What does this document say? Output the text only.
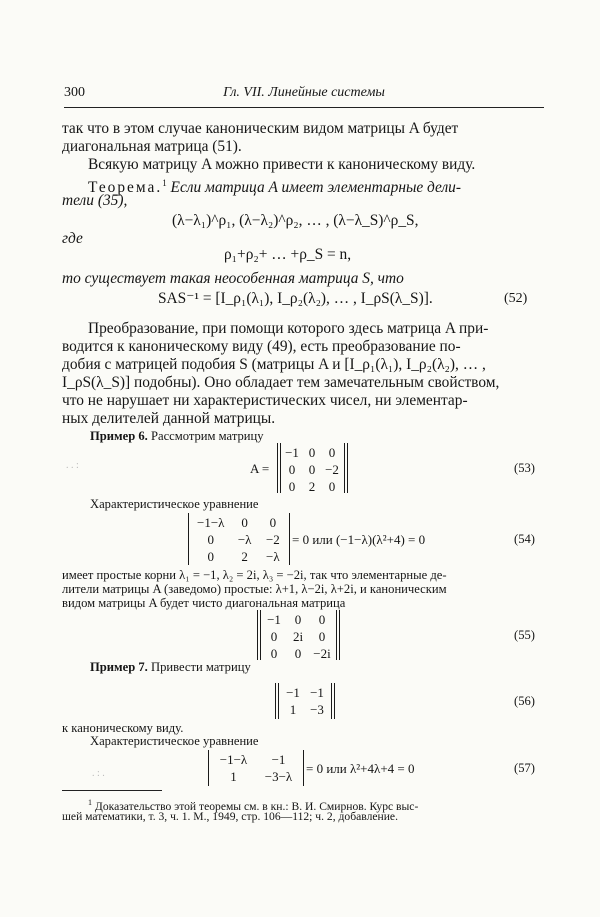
300	Гл. VII. Линейные системы
так что в этом случае каноническим видом матрицы A будет
диагональная матрица (51).
Всякую матрицу A можно привести к каноническому виду.
Теорема.$^1$ Если матрица A имеет элементарные дели-
тели (35),
(λ−λ₁)^ρ₁, (λ−λ₂)^ρ₂, … , (λ−λ_S)^ρ_S,
где
ρ₁+ρ₂+ … +ρ_S = n,
то существует такая неособенная матрица S, что
SAS⁻¹ = [I_ρ₁(λ₁), I_ρ₂(λ₂), … , I_ρS(λ_S)].	(52)
Преобразование, при помощи которого здесь матрица A при-
водится к каноническому виду (49), есть преобразование по-
добия с матрицей подобия S (матрицы A и [I_ρ₁(λ₁), I_ρ₂(λ₂), … ,
I_ρS(λ_S)] подобны). Оно обладает тем замечательным свойством,
что не нарушает ни характеристических чисел, ни элементар-
ных делителей данной матрицы.
Пример 6. Рассмотрим матрицу
. . :	A =
−1 0	0
0	0 −2
0	2	0
(53)
Характеристическое уравнение
−1−λ	0	0
0	−λ	−2
0	2	−λ
= 0 или (−1−λ)(λ²+4) = 0	(54)
имеет простые корни λ₁ = −1, λ₂ = 2i, λ₃ = −2i, так что элементарные де-
лители матрицы A (заведомо) простые: λ+1, λ−2i, λ+2i, и каноническим
видом матрицы A будет чисто диагональная матрица
−1	0	0
0	2i	0
0	0 −2i
(55)
Пример 7. Привести матрицу
−1 −1
1	−3
(56)
к каноническому виду.
Характеристическое уравнение
. : .
−1−λ	−1
1	−3−λ
= 0 или λ²+4λ+4 = 0	(57)
$^1$ Доказательство этой теоремы см. в кн.: В. И. Смирнов. Курс выс-
шей математики, т. 3, ч. 1. М., 1949, стр. 106—112; ч. 2, добавление.
